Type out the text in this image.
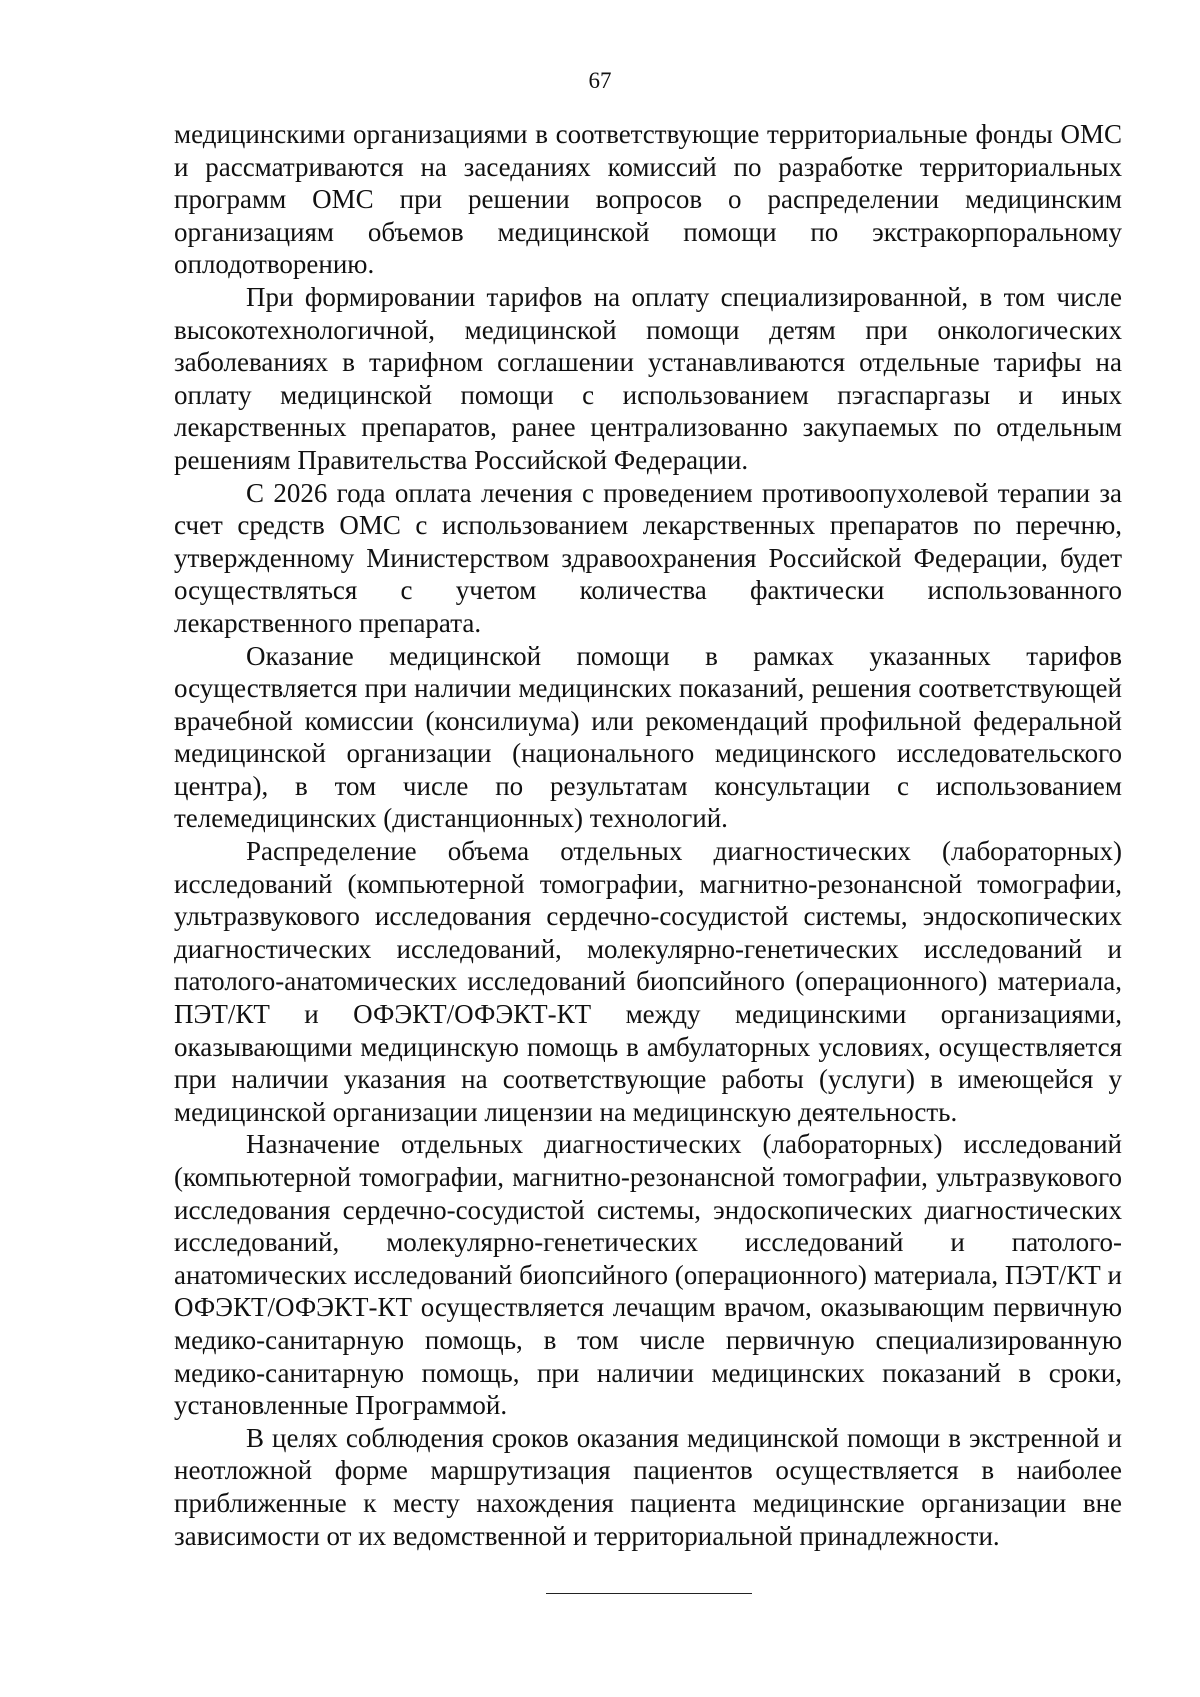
67

медицинскими организациями в соответствующие территориальные фонды ОМС и рассматриваются на заседаниях комиссий по разработке территориальных программ ОМС при решении вопросов о распределении медицинским организациям объемов медицинской помощи по экстракорпоральному оплодотворению.

При формировании тарифов на оплату специализированной, в том числе высокотехнологичной, медицинской помощи детям при онкологических заболеваниях в тарифном соглашении устанавливаются отдельные тарифы на оплату медицинской помощи с использованием пэгаспаргазы и иных лекарственных препаратов, ранее централизованно закупаемых по отдельным решениям Правительства Российской Федерации.

С 2026 года оплата лечения с проведением противоопухолевой терапии за счет средств ОМС с использованием лекарственных препаратов по перечню, утвержденному Министерством здравоохранения Российской Федерации, будет осуществляться с учетом количества фактически использованного лекарственного препарата.

Оказание медицинской помощи в рамках указанных тарифов осуществляется при наличии медицинских показаний, решения соответствующей врачебной комиссии (консилиума) или рекомендаций профильной федеральной медицинской организации (национального медицинского исследовательского центра), в том числе по результатам консультации с использованием телемедицинских (дистанционных) технологий.

Распределение объема отдельных диагностических (лабораторных) исследований (компьютерной томографии, магнитно-резонансной томографии, ультразвукового исследования сердечно-сосудистой системы, эндоскопических диагностических исследований, молекулярно-генетических исследований и патолого-анатомических исследований биопсийного (операционного) материала, ПЭТ/КТ и ОФЭКТ/ОФЭКТ-КТ между медицинскими организациями, оказывающими медицинскую помощь в амбулаторных условиях, осуществляется при наличии указания на соответствующие работы (услуги) в имеющейся у медицинской организации лицензии на медицинскую деятельность.

Назначение отдельных диагностических (лабораторных) исследований (компьютерной томографии, магнитно-резонансной томографии, ультразвукового исследования сердечно-сосудистой системы, эндоскопических диагностических исследований, молекулярно-генетических исследований и патолого-анатомических исследований биопсийного (операционного) материала, ПЭТ/КТ и ОФЭКТ/ОФЭКТ-КТ осуществляется лечащим врачом, оказывающим первичную медико-санитарную помощь, в том числе первичную специализированную медико-санитарную помощь, при наличии медицинских показаний в сроки, установленные Программой.

В целях соблюдения сроков оказания медицинской помощи в экстренной и неотложной форме маршрутизация пациентов осуществляется в наиболее приближенные к месту нахождения пациента медицинские организации вне зависимости от их ведомственной и территориальной принадлежности.
